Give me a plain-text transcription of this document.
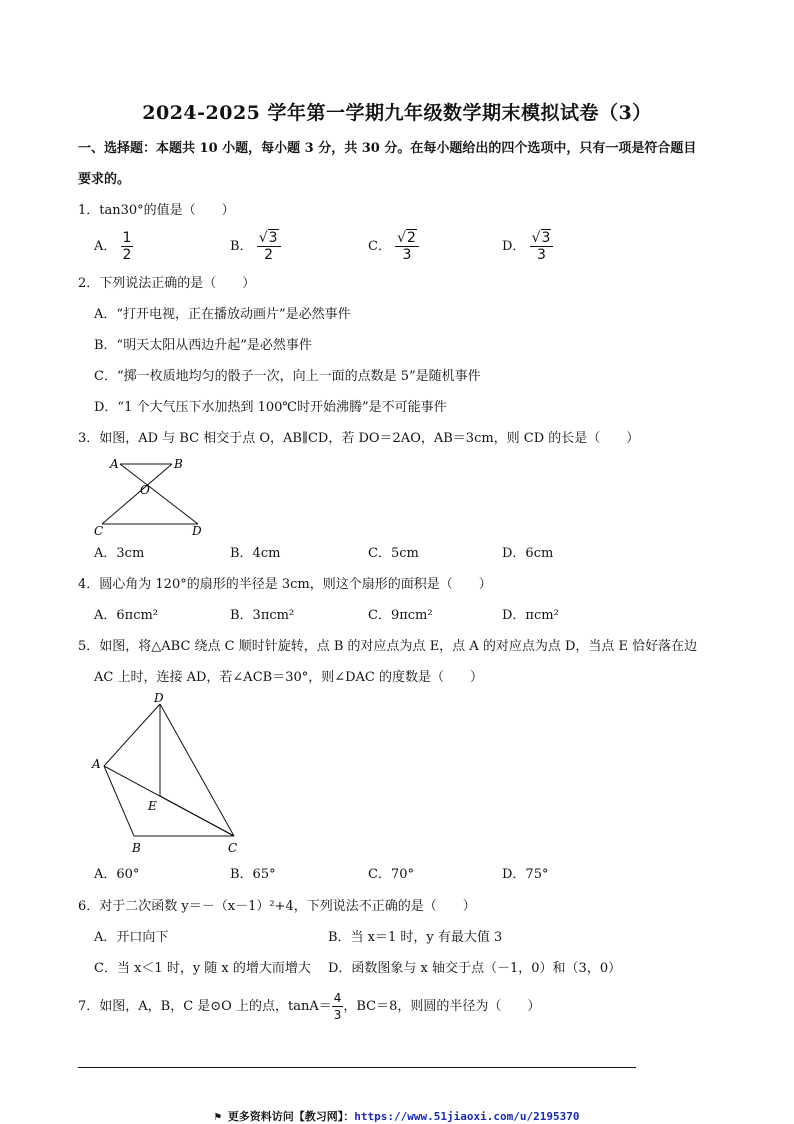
2024-2025 学年第一学期九年级数学期末模拟试卷（3）
一、选择题：本题共 10 小题，每小题 3 分，共 30 分。在每小题给出的四个选项中，只有一项是符合题目
要求的。
1．tan30°的值是（　　）
A． $\frac{1}{2}$	B． $\frac{√3}{2}$	C． $\frac{√2}{3}$	D． $\frac{√3}{3}$
2．下列说法正确的是（　　）
A．“打开电视，正在播放动画片”是必然事件
B．“明天太阳从西边升起”是必然事件
C．“掷一枚质地均匀的骰子一次，向上一面的点数是 5”是随机事件
D．“1 个大气压下水加热到 100℃时开始沸腾”是不可能事件
3．如图，AD 与 BC 相交于点 O，AB∥CD，若 DO＝2AO，AB＝3cm，则 CD 的长是（　　）
A	B
O
C	D
A．3cm	B．4cm	C．5cm	D．6cm
4．圆心角为 120°的扇形的半径是 3cm，则这个扇形的面积是（　　）
A．6πcm²	B．3πcm²	C．9πcm²	D．πcm²
5．如图，将△ABC 绕点 C 顺时针旋转，点 B 的对应点为点 E，点 A 的对应点为点 D，当点 E 恰好落在边
AC 上时，连接 AD，若∠ACB＝30°，则∠DAC 的度数是（　　）
D
A
E
B	C
A．60°	B．65°	C．70°	D．75°
6．对于二次函数 y＝－（x－1）²+4，下列说法不正确的是（　　）
A．开口向下	B．当 x＝1 时，y 有最大值 3
C．当 x＜1 时，y 随 x 的增大而增大 D．函数图象与 x 轴交于点（－1，0）和（3，0）
7．如图，A，B，C 是⊙O 上的点，$\tan A= \frac{4}{3}$ ，BC＝8，则圆的半径为（　　）
⚑ 更多资料访问【教习网】：https://www.51jiaoxi.com/u/2195370
